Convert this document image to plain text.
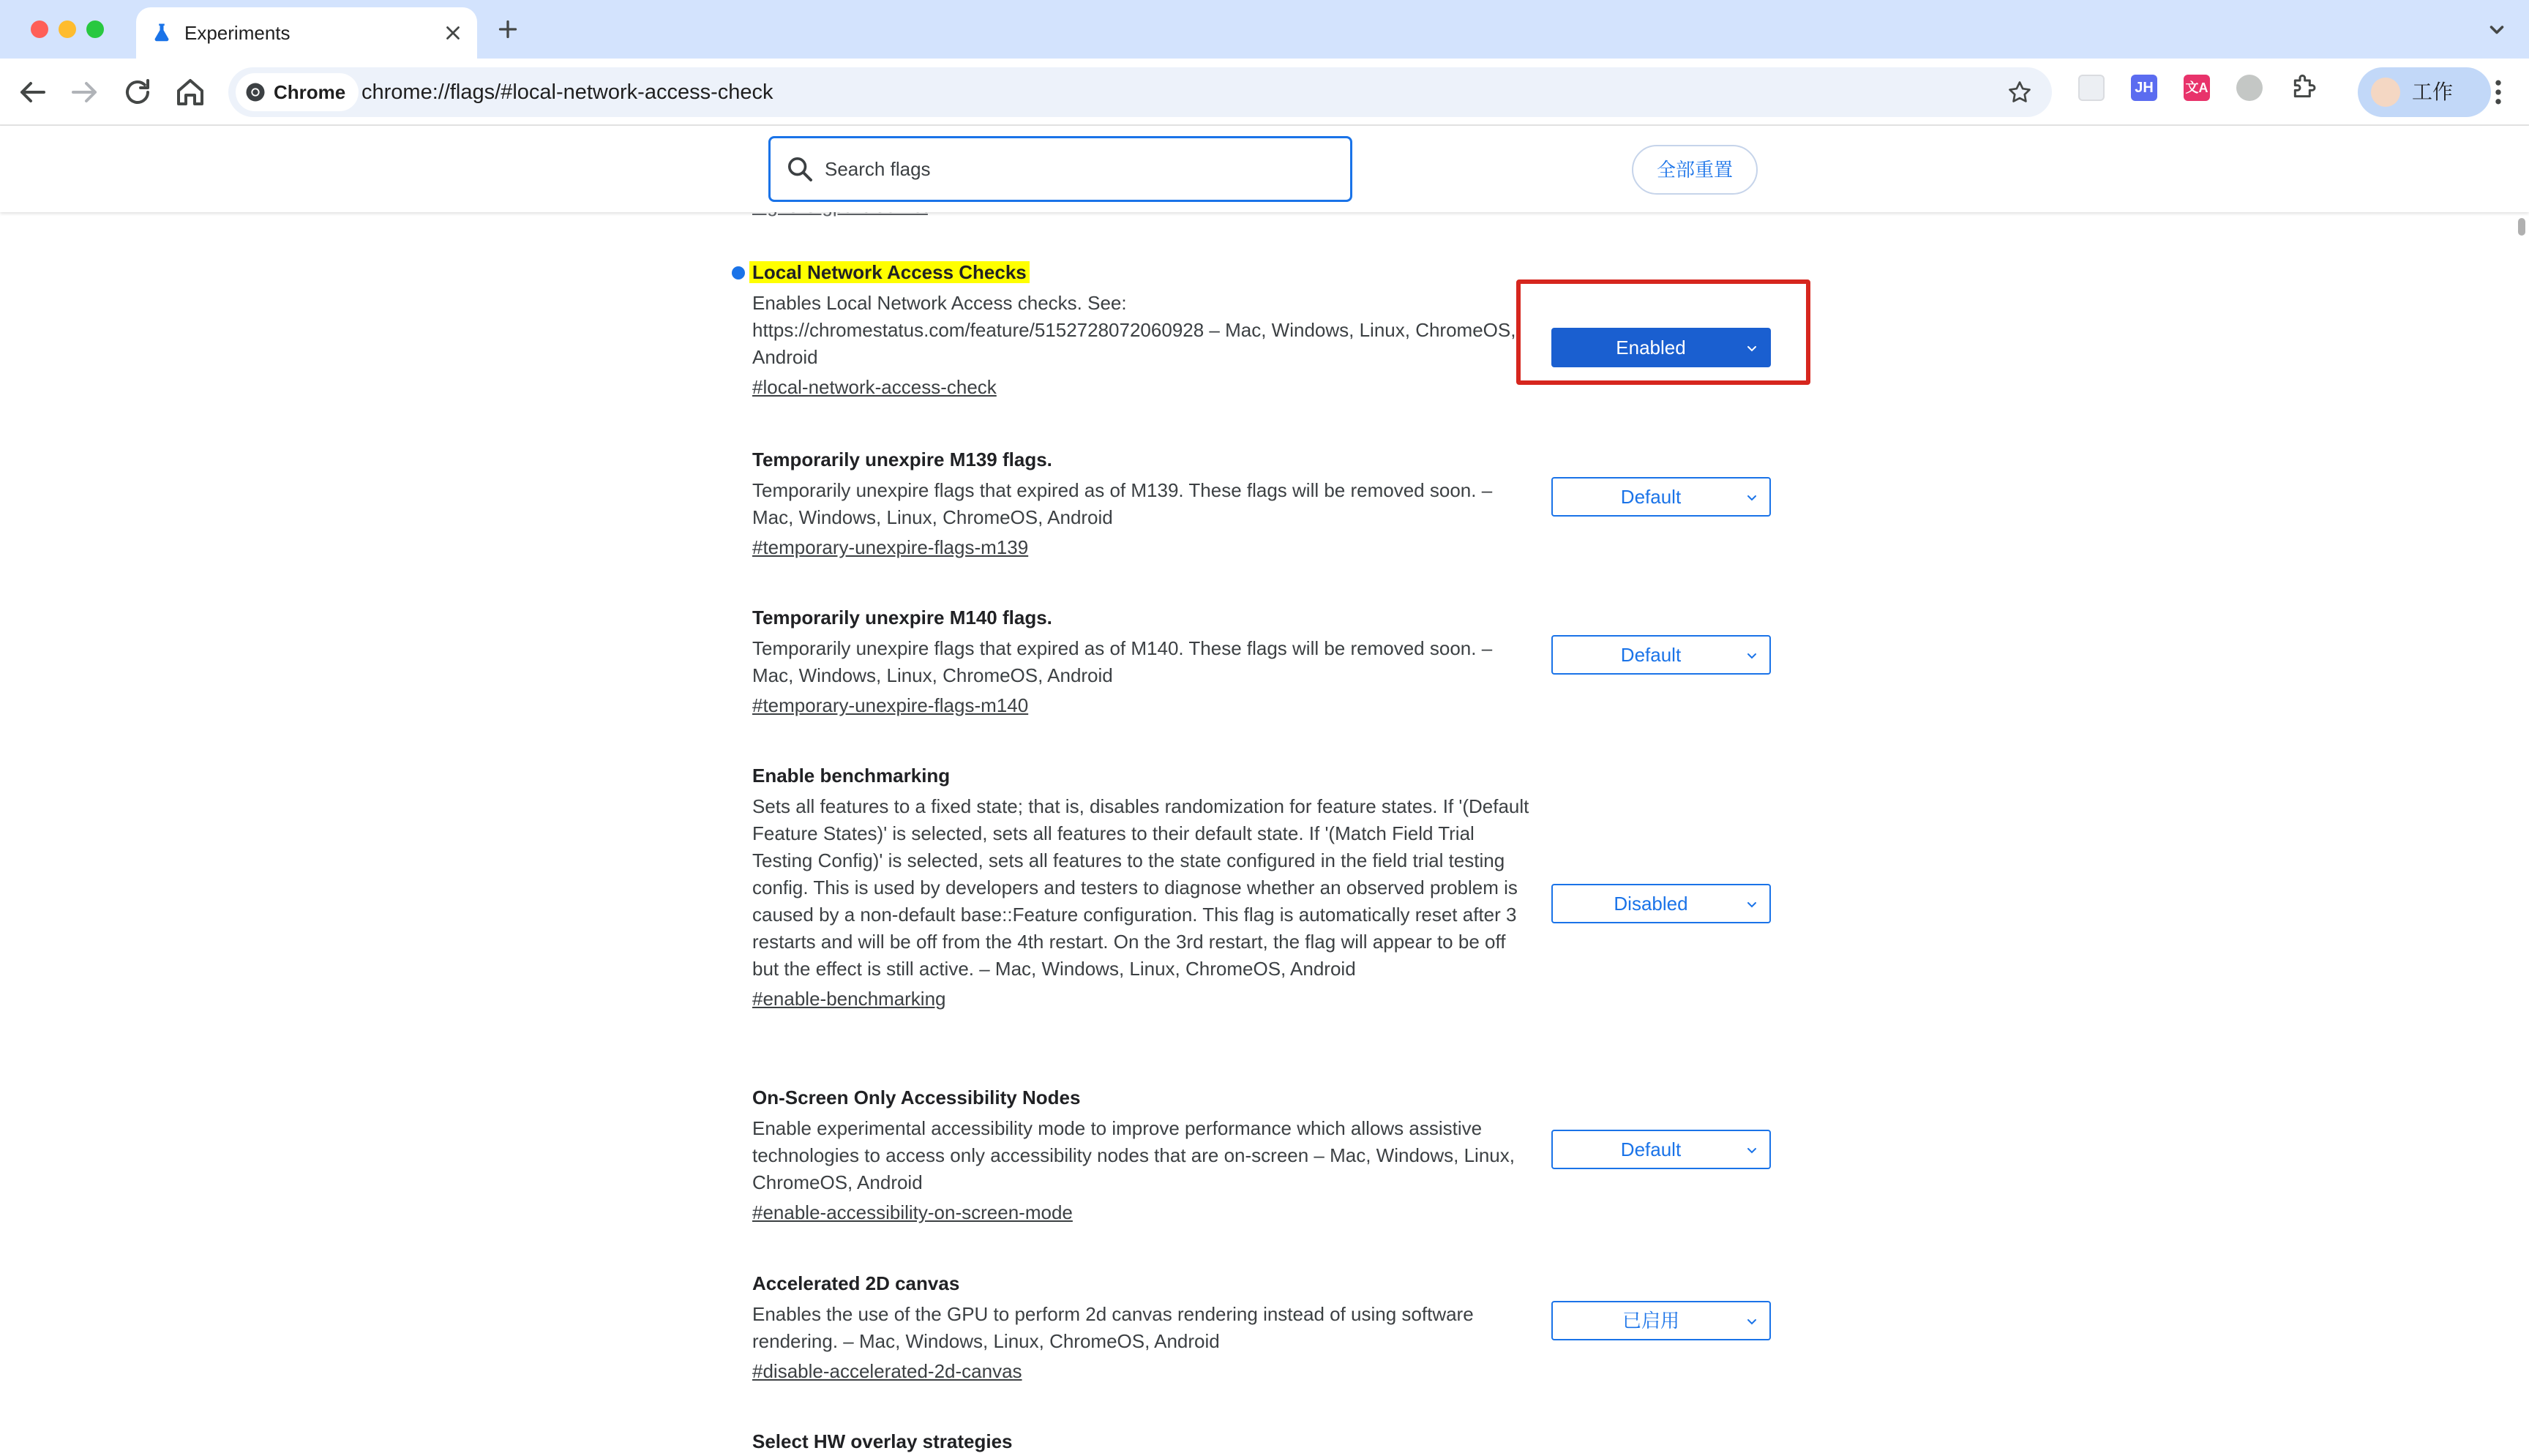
Experiments
Chrome chrome://flags/#local-network-access-check	JH 文A	工作
Search flags
全部重置
Local Network Access Checks
Enables Local Network Access checks. See: https://chromestatus.com/feature/5152728072060928 – Mac, Windows, Linux, ChromeOS, Android
#local-network-access-check
Enabled
Temporarily unexpire M139 flags.
Temporarily unexpire flags that expired as of M139. These flags will be removed soon. – Mac, Windows, Linux, ChromeOS, Android
#temporary-unexpire-flags-m139
Default
Temporarily unexpire M140 flags.
Temporarily unexpire flags that expired as of M140. These flags will be removed soon. – Mac, Windows, Linux, ChromeOS, Android
#temporary-unexpire-flags-m140
Default
Enable benchmarking
Sets all features to a fixed state; that is, disables randomization for feature states. If '(Default Feature States)' is selected, sets all features to their default state. If '(Match Field Trial Testing Config)' is selected, sets all features to the state configured in the field trial testing config. This is used by developers and testers to diagnose whether an observed problem is caused by a non-default base::Feature configuration. This flag is automatically reset after 3 restarts and will be off from the 4th restart. On the 3rd restart, the flag will appear to be off but the effect is still active. – Mac, Windows, Linux, ChromeOS, Android
#enable-benchmarking
Disabled
On-Screen Only Accessibility Nodes
Enable experimental accessibility mode to improve performance which allows assistive technologies to access only accessibility nodes that are on-screen – Mac, Windows, Linux, ChromeOS, Android
#enable-accessibility-on-screen-mode
Default
Accelerated 2D canvas
Enables the use of the GPU to perform 2d canvas rendering instead of using software rendering. – Mac, Windows, Linux, ChromeOS, Android
#disable-accelerated-2d-canvas
已启用
Select HW overlay strategies
